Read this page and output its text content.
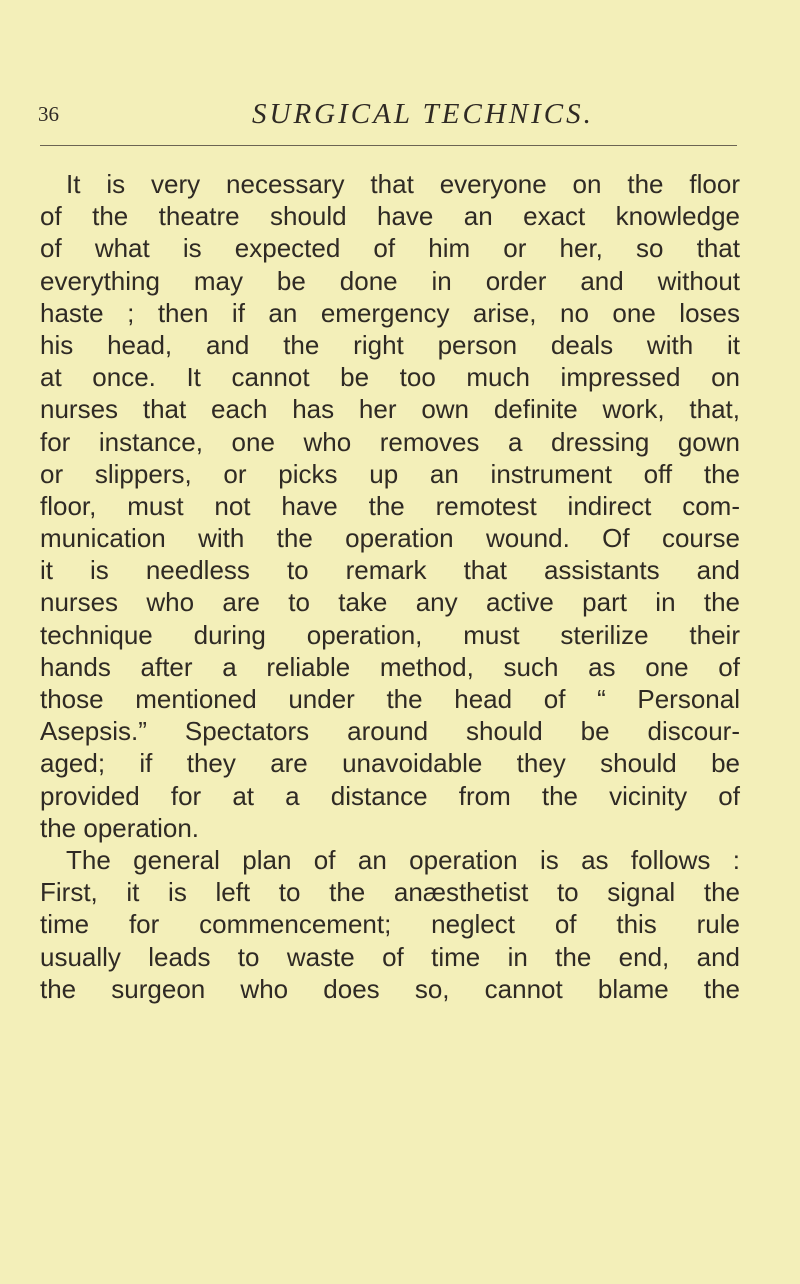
36	SURGICAL TECHNICS.
It is very necessary that everyone on the floor
of the theatre should have an exact knowledge
of what is expected of him or her, so that
everything may be done in order and without
haste ; then if an emergency arise, no one loses
his head, and the right person deals with it
at once. It cannot be too much impressed on
nurses that each has her own definite work, that,
for instance, one who removes a dressing gown
or slippers, or picks up an instrument off the
floor, must not have the remotest indirect com-
munication with the operation wound. Of course
it is needless to remark that assistants and
nurses who are to take any active part in the
technique during operation, must sterilize their
hands after a reliable method, such as one of
those mentioned under the head of “ Personal
Asepsis.” Spectators around should be discour-
aged; if they are unavoidable they should be
provided for at a distance from the vicinity of
the operation.
The general plan of an operation is as follows :
First, it is left to the anæsthetist to signal the
time for commencement; neglect of this rule
usually leads to waste of time in the end, and
the surgeon who does so, cannot blame the
